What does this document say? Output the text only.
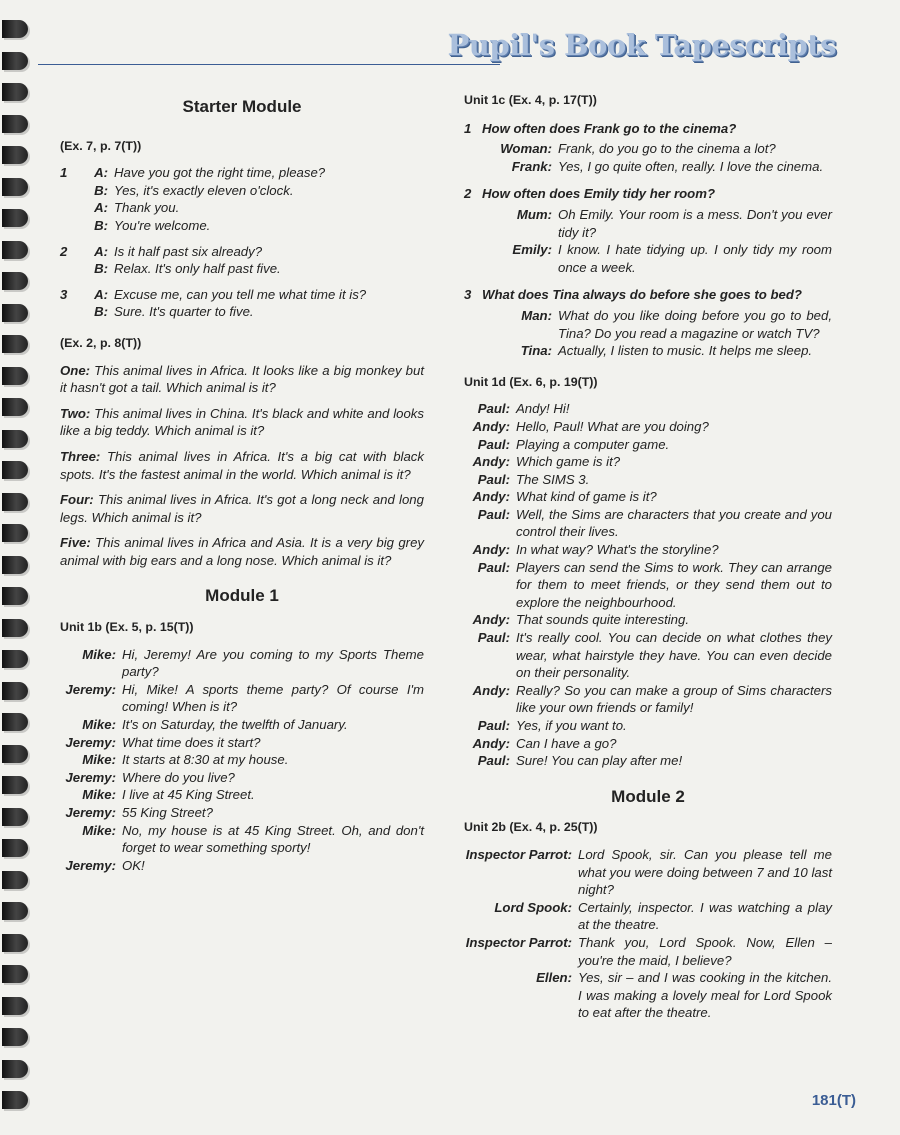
Pupil's Book Tapescripts
Starter Module
(Ex. 7, p. 7(T))
1	A: Have you got the right time, please?
B: Yes, it's exactly eleven o'clock.
A: Thank you.
B: You're welcome.
2	A: Is it half past six already?
B: Relax. It's only half past five.
3	A: Excuse me, can you tell me what time it is?
B: Sure. It's quarter to five.
(Ex. 2, p. 8(T))
One: This animal lives in Africa. It looks like a big monkey but it hasn't got a tail. Which animal is it?
Two: This animal lives in China. It's black and white and looks like a big teddy. Which animal is it?
Three: This animal lives in Africa. It's a big cat with black spots. It's the fastest animal in the world. Which animal is it?
Four: This animal lives in Africa. It's got a long neck and long legs. Which animal is it?
Five: This animal lives in Africa and Asia. It is a very big grey animal with big ears and a long nose. Which animal is it?
Module 1
Unit 1b (Ex. 5, p. 15(T))
Mike: Hi, Jeremy! Are you coming to my Sports Theme party?
Jeremy: Hi, Mike! A sports theme party? Of course I'm coming! When is it?
Mike: It's on Saturday, the twelfth of January.
Jeremy: What time does it start?
Mike: It starts at 8:30 at my house.
Jeremy: Where do you live?
Mike: I live at 45 King Street.
Jeremy: 55 King Street?
Mike: No, my house is at 45 King Street. Oh, and don't forget to wear something sporty!
Jeremy: OK!
Unit 1c (Ex. 4, p. 17(T))
1 How often does Frank go to the cinema?
Woman: Frank, do you go to the cinema a lot?
Frank: Yes, I go quite often, really. I love the cinema.
2 How often does Emily tidy her room?
Mum: Oh Emily. Your room is a mess. Don't you ever tidy it?
Emily: I know. I hate tidying up. I only tidy my room once a week.
3 What does Tina always do before she goes to bed?
Man: What do you like doing before you go to bed, Tina? Do you read a magazine or watch TV?
Tina: Actually, I listen to music. It helps me sleep.
Unit 1d (Ex. 6, p. 19(T))
Paul: Andy! Hi!
Andy: Hello, Paul! What are you doing?
Paul: Playing a computer game.
Andy: Which game is it?
Paul: The SIMS 3.
Andy: What kind of game is it?
Paul: Well, the Sims are characters that you create and you control their lives.
Andy: In what way? What's the storyline?
Paul: Players can send the Sims to work. They can arrange for them to meet friends, or they send them out to explore the neighbourhood.
Andy: That sounds quite interesting.
Paul: It's really cool. You can decide on what clothes they wear, what hairstyle they have. You can even decide on their personality.
Andy: Really? So you can make a group of Sims characters like your own friends or family!
Paul: Yes, if you want to.
Andy: Can I have a go?
Paul: Sure! You can play after me!
Module 2
Unit 2b (Ex. 4, p. 25(T))
Inspector Parrot: Lord Spook, sir. Can you please tell me what you were doing between 7 and 10 last night?
Lord Spook: Certainly, inspector. I was watching a play at the theatre.
Inspector Parrot: Thank you, Lord Spook. Now, Ellen – you're the maid, I believe?
Ellen: Yes, sir – and I was cooking in the kitchen. I was making a lovely meal for Lord Spook to eat after the theatre.
181(T)
